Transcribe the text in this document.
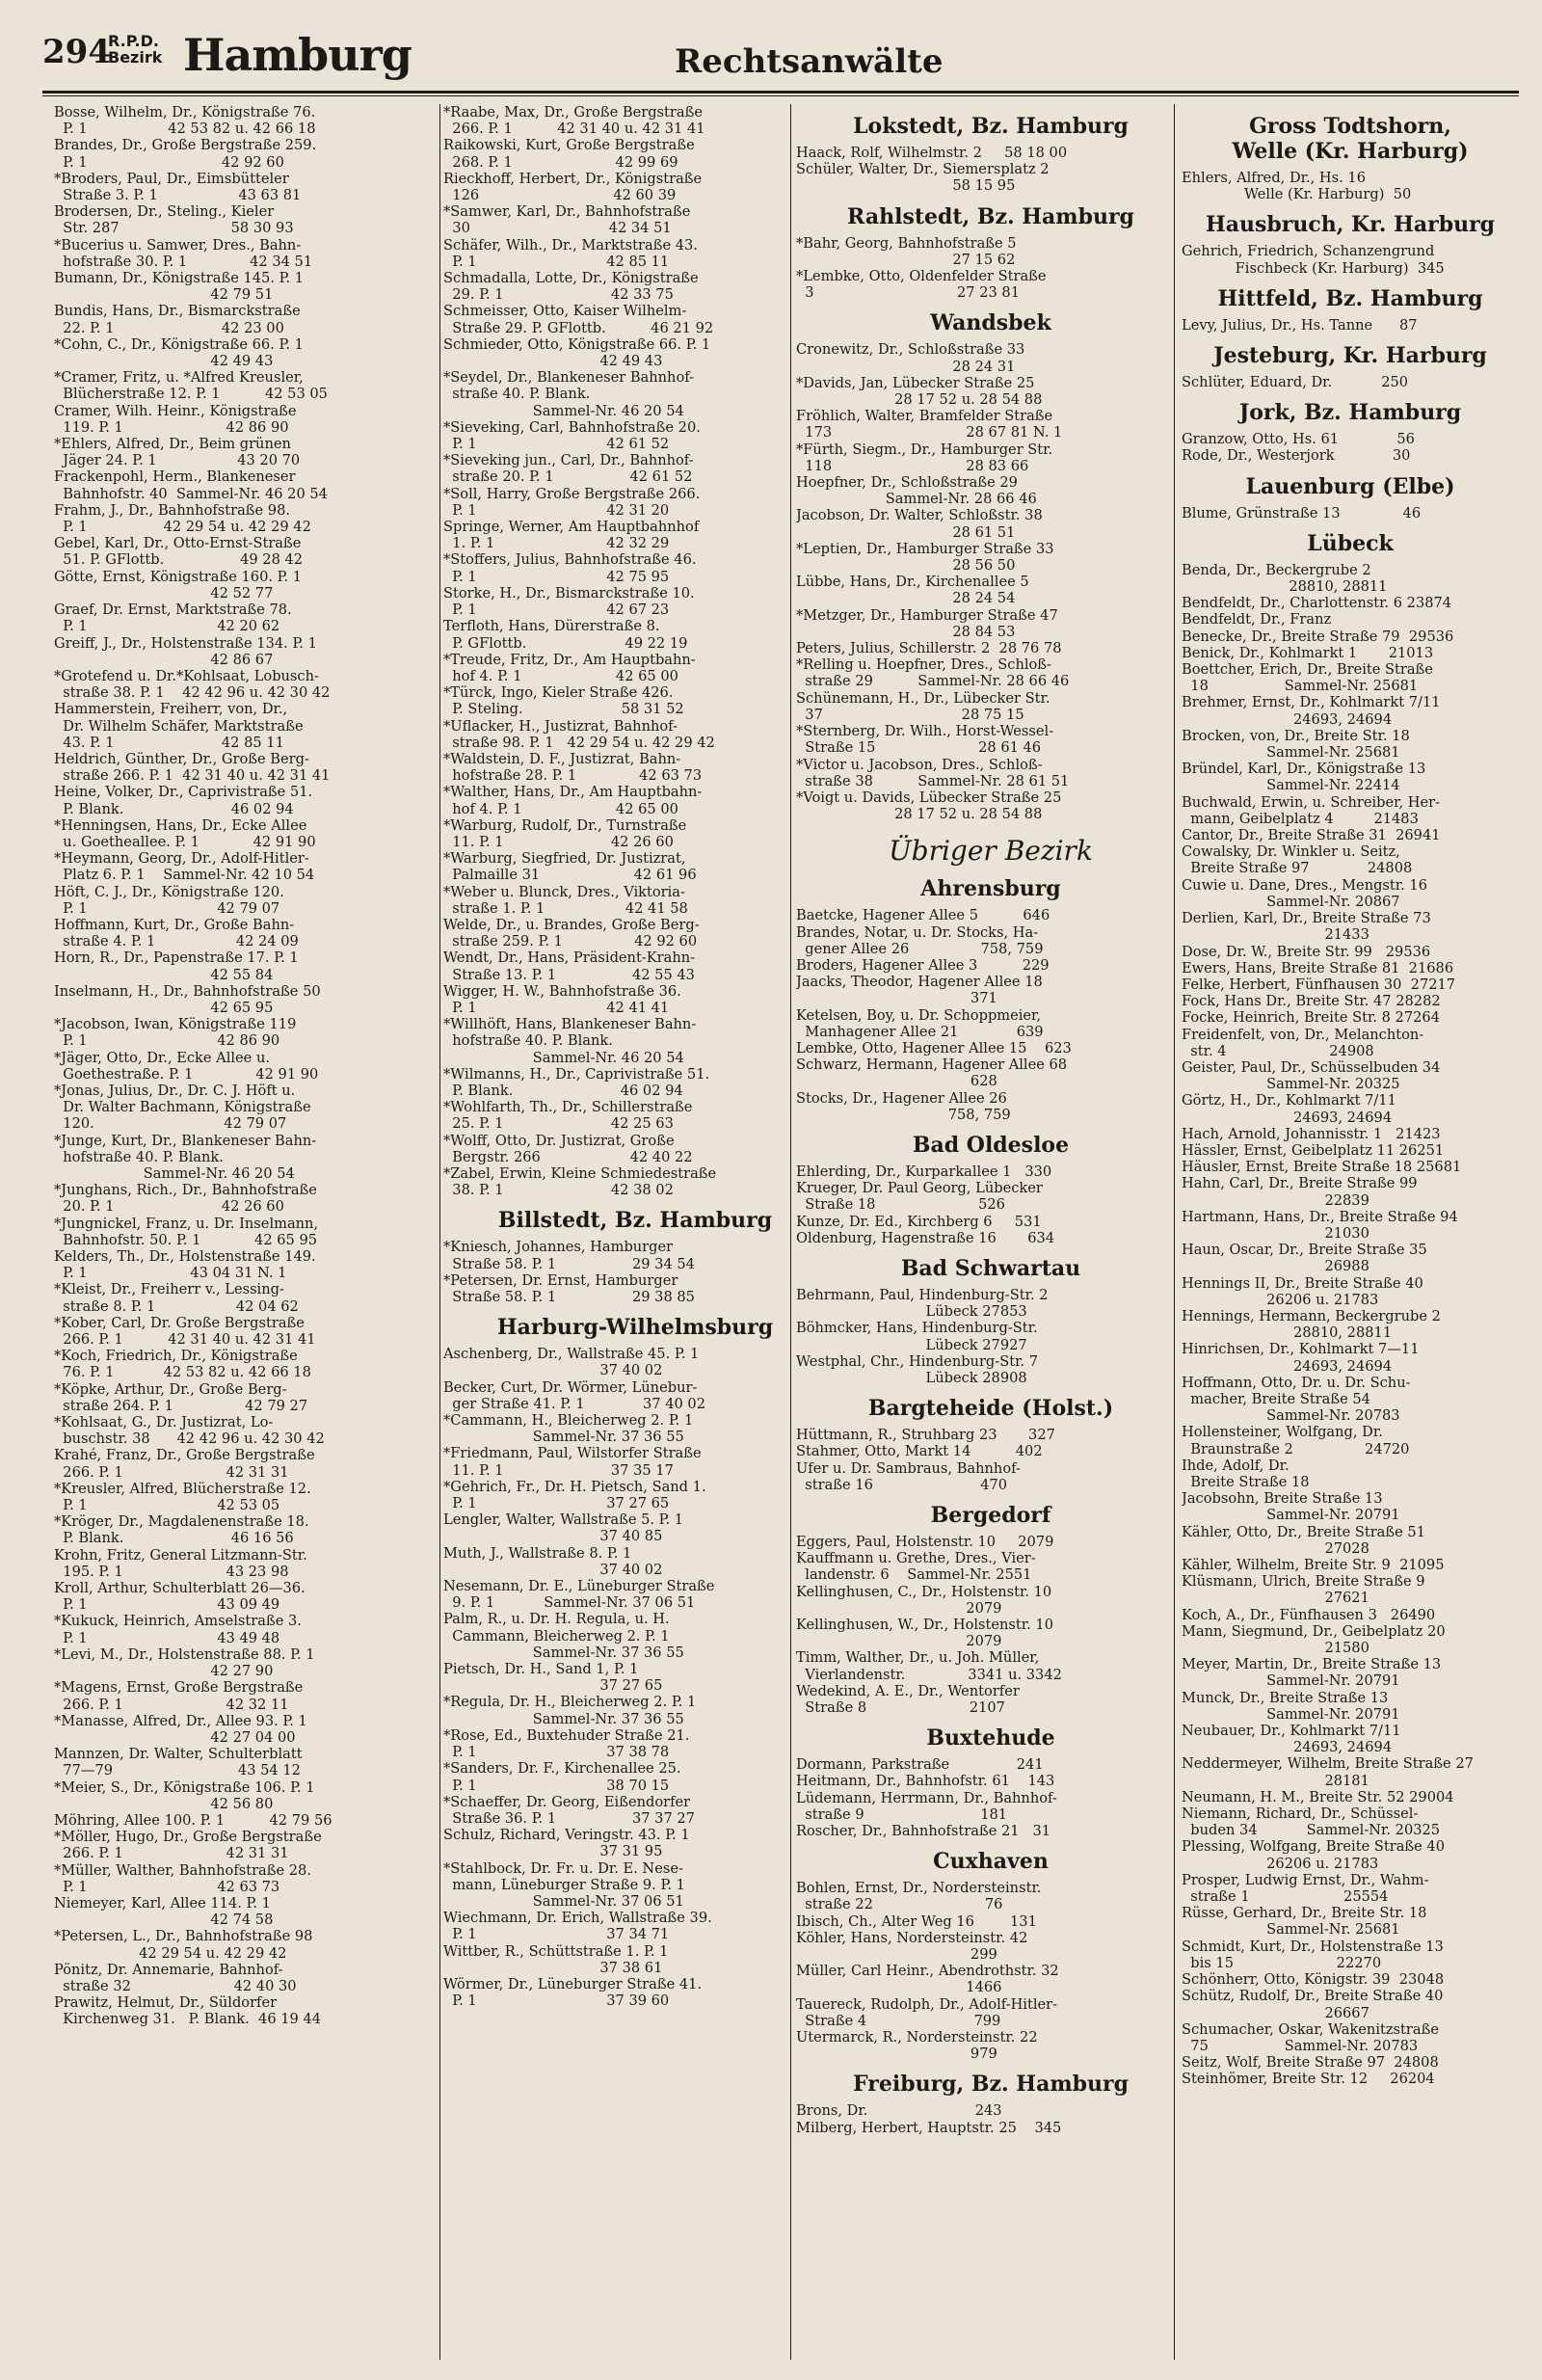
294
R.P.D.
Bezirk Hamburg	Rechtsanwälte
Bosse, Wilhelm, Dr., Königstraße 76.
P. 1                  42 53 82 u. 42 66 18
Brandes, Dr., Große Bergstraße 259.
P. 1                              42 92 60
*Broders, Paul, Dr., Eimsbütteler
Straße 3. P. 1                  43 63 81
Brodersen, Dr., Steling., Kieler
Str. 287                         58 30 93
*Bucerius u. Samwer, Dres., Bahn-
hofstraße 30. P. 1              42 34 51
Bumann, Dr., Königstraße 145. P. 1
42 79 51
Bundis, Hans, Dr., Bismarckstraße
22. P. 1                        42 23 00
*Cohn, C., Dr., Königstraße 66. P. 1
42 49 43
*Cramer, Fritz, u. *Alfred Kreusler,
Blücherstraße 12. P. 1          42 53 05
Cramer, Wilh. Heinr., Königstraße
119. P. 1                       42 86 90
*Ehlers, Alfred, Dr., Beim grünen
Jäger 24. P. 1                  43 20 70
Frackenpohl, Herm., Blankeneser
Bahnhofstr. 40  Sammel-Nr. 46 20 54
Frahm, J., Dr., Bahnhofstraße 98.
P. 1                 42 29 54 u. 42 29 42
Gebel, Karl, Dr., Otto-Ernst-Straße
51. P. GFlottb.                 49 28 42
Götte, Ernst, Königstraße 160. P. 1
42 52 77
Graef, Dr. Ernst, Marktstraße 78.
P. 1                             42 20 62
Greiff, J., Dr., Holstenstraße 134. P. 1
42 86 67
*Grotefend u. Dr.*Kohlsaat, Lobusch-
straße 38. P. 1    42 42 96 u. 42 30 42
Hammerstein, Freiherr, von, Dr.,
Dr. Wilhelm Schäfer, Marktstraße
43. P. 1                        42 85 11
Heldrich, Günther, Dr., Große Berg-
straße 266. P. 1  42 31 40 u. 42 31 41
Heine, Volker, Dr., Caprivistraße 51.
P. Blank.                        46 02 94
*Henningsen, Hans, Dr., Ecke Allee
u. Goetheallee. P. 1            42 91 90
*Heymann, Georg, Dr., Adolf-Hitler-
Platz 6. P. 1    Sammel-Nr. 42 10 54
Höft, C. J., Dr., Königstraße 120.
P. 1                             42 79 07
Hoffmann, Kurt, Dr., Große Bahn-
straße 4. P. 1                  42 24 09
Horn, R., Dr., Papenstraße 17. P. 1
42 55 84
Inselmann, H., Dr., Bahnhofstraße 50
42 65 95
*Jacobson, Iwan, Königstraße 119
P. 1                             42 86 90
*Jäger, Otto, Dr., Ecke Allee u.
Goethestraße. P. 1              42 91 90
*Jonas, Julius, Dr., Dr. C. J. Höft u.
Dr. Walter Bachmann, Königstraße
120.                             42 79 07
*Junge, Kurt, Dr., Blankeneser Bahn-
hofstraße 40. P. Blank.
Sammel-Nr. 46 20 54
*Junghans, Rich., Dr., Bahnhofstraße
20. P. 1                        42 26 60
*Jungnickel, Franz, u. Dr. Inselmann,
Bahnhofstr. 50. P. 1            42 65 95
Kelders, Th., Dr., Holstenstraße 149.
P. 1                       43 04 31 N. 1
*Kleist, Dr., Freiherr v., Lessing-
straße 8. P. 1                  42 04 62
*Kober, Carl, Dr. Große Bergstraße
266. P. 1          42 31 40 u. 42 31 41
*Koch, Friedrich, Dr., Königstraße
76. P. 1           42 53 82 u. 42 66 18
*Köpke, Arthur, Dr., Große Berg-
straße 264. P. 1                42 79 27
*Kohlsaat, G., Dr. Justizrat, Lo-
buschstr. 38      42 42 96 u. 42 30 42
Krahé, Franz, Dr., Große Bergstraße
266. P. 1                       42 31 31
*Kreusler, Alfred, Blücherstraße 12.
P. 1                             42 53 05
*Kröger, Dr., Magdalenenstraße 18.
P. Blank.                        46 16 56
Krohn, Fritz, General Litzmann-Str.
195. P. 1                       43 23 98
Kroll, Arthur, Schulterblatt 26—36.
P. 1                             43 09 49
*Kukuck, Heinrich, Amselstraße 3.
P. 1                             43 49 48
*Levi, M., Dr., Holstenstraße 88. P. 1
42 27 90
*Magens, Ernst, Große Bergstraße
266. P. 1                       42 32 11
*Manasse, Alfred, Dr., Allee 93. P. 1
42 27 04 00
Mannzen, Dr. Walter, Schulterblatt
77—79                            43 54 12
*Meier, S., Dr., Königstraße 106. P. 1
42 56 80
Möhring, Allee 100. P. 1          42 79 56
*Möller, Hugo, Dr., Große Bergstraße
266. P. 1                       42 31 31
*Müller, Walther, Bahnhofstraße 28.
P. 1                             42 63 73
Niemeyer, Karl, Allee 114. P. 1
42 74 58
*Petersen, L., Dr., Bahnhofstraße 98
42 29 54 u. 42 29 42
Pönitz, Dr. Annemarie, Bahnhof-
straße 32                       42 40 30
Prawitz, Helmut, Dr., Süldorfer
Kirchenweg 31.   P. Blank.  46 19 44
*Raabe, Max, Dr., Große Bergstraße
266. P. 1          42 31 40 u. 42 31 41
Raikowski, Kurt, Große Bergstraße
268. P. 1                       42 99 69
Rieckhoff, Herbert, Dr., Königstraße
126                              42 60 39
*Samwer, Karl, Dr., Bahnhofstraße
30                               42 34 51
Schäfer, Wilh., Dr., Marktstraße 43.
P. 1                             42 85 11
Schmadalla, Lotte, Dr., Königstraße
29. P. 1                        42 33 75
Schmeisser, Otto, Kaiser Wilhelm-
Straße 29. P. GFlottb.          46 21 92
Schmieder, Otto, Königstraße 66. P. 1
42 49 43
*Seydel, Dr., Blankeneser Bahnhof-
straße 40. P. Blank.
Sammel-Nr. 46 20 54
*Sieveking, Carl, Bahnhofstraße 20.
P. 1                             42 61 52
*Sieveking jun., Carl, Dr., Bahnhof-
straße 20. P. 1                 42 61 52
*Soll, Harry, Große Bergstraße 266.
P. 1                             42 31 20
Springe, Werner, Am Hauptbahnhof
1. P. 1                         42 32 29
*Stoffers, Julius, Bahnhofstraße 46.
P. 1                             42 75 95
Storke, H., Dr., Bismarckstraße 10.
P. 1                             42 67 23
Terfloth, Hans, Dürerstraße 8.
P. GFlottb.                      49 22 19
*Treude, Fritz, Dr., Am Hauptbahn-
hof 4. P. 1                     42 65 00
*Türck, Ingo, Kieler Straße 426.
P. Steling.                      58 31 52
*Uflacker, H., Justizrat, Bahnhof-
straße 98. P. 1   42 29 54 u. 42 29 42
*Waldstein, D. F., Justizrat, Bahn-
hofstraße 28. P. 1              42 63 73
*Walther, Hans, Dr., Am Hauptbahn-
hof 4. P. 1                     42 65 00
*Warburg, Rudolf, Dr., Turnstraße
11. P. 1                        42 26 60
*Warburg, Siegfried, Dr. Justizrat,
Palmaille 31                     42 61 96
*Weber u. Blunck, Dres., Viktoria-
straße 1. P. 1                  42 41 58
Welde, Dr., u. Brandes, Große Berg-
straße 259. P. 1                42 92 60
Wendt, Dr., Hans, Präsident-Krahn-
Straße 13. P. 1                 42 55 43
Wigger, H. W., Bahnhofstraße 36.
P. 1                             42 41 41
*Willhöft, Hans, Blankeneser Bahn-
hofstraße 40. P. Blank.
Sammel-Nr. 46 20 54
*Wilmanns, H., Dr., Caprivistraße 51.
P. Blank.                        46 02 94
*Wohlfarth, Th., Dr., Schillerstraße
25. P. 1                        42 25 63
*Wolff, Otto, Dr. Justizrat, Große
Bergstr. 266                    42 40 22
*Zabel, Erwin, Kleine Schmiedestraße
38. P. 1                        42 38 02
Billstedt, Bz. Hamburg
*Kniesch, Johannes, Hamburger
Straße 58. P. 1                 29 34 54
*Petersen, Dr. Ernst, Hamburger
Straße 58. P. 1                 29 38 85
Harburg-Wilhelmsburg
Aschenberg, Dr., Wallstraße 45. P. 1
37 40 02
Becker, Curt, Dr. Wörmer, Lünebur-
ger Straße 41. P. 1             37 40 02
*Cammann, H., Bleicherweg 2. P. 1
Sammel-Nr. 37 36 55
*Friedmann, Paul, Wilstorfer Straße
11. P. 1                        37 35 17
*Gehrich, Fr., Dr. H. Pietsch, Sand 1.
P. 1                             37 27 65
Lengler, Walter, Wallstraße 5. P. 1
37 40 85
Muth, J., Wallstraße 8. P. 1
37 40 02
Nesemann, Dr. E., Lüneburger Straße
9. P. 1           Sammel-Nr. 37 06 51
Palm, R., u. Dr. H. Regula, u. H.
Cammann, Bleicherweg 2. P. 1
Sammel-Nr. 37 36 55
Pietsch, Dr. H., Sand 1, P. 1
37 27 65
*Regula, Dr. H., Bleicherweg 2. P. 1
Sammel-Nr. 37 36 55
*Rose, Ed., Buxtehuder Straße 21.
P. 1                             37 38 78
*Sanders, Dr. F., Kirchenallee 25.
P. 1                             38 70 15
*Schaeffer, Dr. Georg, Eißendorfer
Straße 36. P. 1                 37 37 27
Schulz, Richard, Veringstr. 43. P. 1
37 31 95
*Stahlbock, Dr. Fr. u. Dr. E. Nese-
mann, Lüneburger Straße 9. P. 1
Sammel-Nr. 37 06 51
Wiechmann, Dr. Erich, Wallstraße 39.
P. 1                             37 34 71
Wittber, R., Schüttstraße 1. P. 1
37 38 61
Wörmer, Dr., Lüneburger Straße 41.
P. 1                             37 39 60
Lokstedt, Bz. Hamburg
Haack, Rolf, Wilhelmstr. 2     58 18 00
Schüler, Walter, Dr., Siemersplatz 2
58 15 95
Rahlstedt, Bz. Hamburg
*Bahr, Georg, Bahnhofstraße 5
27 15 62
*Lembke, Otto, Oldenfelder Straße
3                                27 23 81
Wandsbek
Cronewitz, Dr., Schloßstraße 33
28 24 31
*Davids, Jan, Lübecker Straße 25
28 17 52 u. 28 54 88
Fröhlich, Walter, Bramfelder Straße
173                              28 67 81 N. 1
*Fürth, Siegm., Dr., Hamburger Str.
118                              28 83 66
Hoepfner, Dr., Schloßstraße 29
Sammel-Nr. 28 66 46
Jacobson, Dr. Walter, Schloßstr. 38
28 61 51
*Leptien, Dr., Hamburger Straße 33
28 56 50
Lübbe, Hans, Dr., Kirchenallee 5
28 24 54
*Metzger, Dr., Hamburger Straße 47
28 84 53
Peters, Julius, Schillerstr. 2  28 76 78
*Relling u. Hoepfner, Dres., Schloß-
straße 29          Sammel-Nr. 28 66 46
Schünemann, H., Dr., Lübecker Str.
37                               28 75 15
*Sternberg, Dr. Wilh., Horst-Wessel-
Straße 15                       28 61 46
*Victor u. Jacobson, Dres., Schloß-
straße 38          Sammel-Nr. 28 61 51
*Voigt u. Davids, Lübecker Straße 25
28 17 52 u. 28 54 88
Übriger Bezirk
Ahrensburg
Baetcke, Hagener Allee 5          646
Brandes, Notar, u. Dr. Stocks, Ha-
gener Allee 26                758, 759
Broders, Hagener Allee 3          229
Jaacks, Theodor, Hagener Allee 18
371
Ketelsen, Boy, u. Dr. Schoppmeier,
Manhagener Allee 21             639
Lembke, Otto, Hagener Allee 15    623
Schwarz, Hermann, Hagener Allee 68
628
Stocks, Dr., Hagener Allee 26
758, 759
Bad Oldesloe
Ehlerding, Dr., Kurparkallee 1   330
Krueger, Dr. Paul Georg, Lübecker
Straße 18                       526
Kunze, Dr. Ed., Kirchberg 6     531
Oldenburg, Hagenstraße 16       634
Bad Schwartau
Behrmann, Paul, Hindenburg-Str. 2
Lübeck 27853
Böhmcker, Hans, Hindenburg-Str.
Lübeck 27927
Westphal, Chr., Hindenburg-Str. 7
Lübeck 28908
Bargteheide (Holst.)
Hüttmann, R., Struhbarg 23       327
Stahmer, Otto, Markt 14          402
Ufer u. Dr. Sambraus, Bahnhof-
straße 16                        470
Bergedorf
Eggers, Paul, Holstenstr. 10     2079
Kauffmann u. Grethe, Dres., Vier-
landenstr. 6    Sammel-Nr. 2551
Kellinghusen, C., Dr., Holstenstr. 10
2079
Kellinghusen, W., Dr., Holstenstr. 10
2079
Timm, Walther, Dr., u. Joh. Müller,
Vierlandenstr.              3341 u. 3342
Wedekind, A. E., Dr., Wentorfer
Straße 8                       2107
Buxtehude
Dormann, Parkstraße               241
Heitmann, Dr., Bahnhofstr. 61    143
Lüdemann, Herrmann, Dr., Bahnhof-
straße 9                          181
Roscher, Dr., Bahnhofstraße 21   31
Cuxhaven
Bohlen, Ernst, Dr., Nordersteinstr.
straße 22                         76
Ibisch, Ch., Alter Weg 16        131
Köhler, Hans, Nordersteinstr. 42
299
Müller, Carl Heinr., Abendrothstr. 32
1466
Tauereck, Rudolph, Dr., Adolf-Hitler-
Straße 4                        799
Utermarck, R., Nordersteinstr. 22
979
Freiburg, Bz. Hamburg
Brons, Dr.                        243
Milberg, Herbert, Hauptstr. 25    345
Gross Todtshorn,
Welle (Kr. Harburg)
Ehlers, Alfred, Dr., Hs. 16
Welle (Kr. Harburg)  50
Hausbruch, Kr. Harburg
Gehrich, Friedrich, Schanzengrund
Fischbeck (Kr. Harburg)  345
Hittfeld, Bz. Hamburg
Levy, Julius, Dr., Hs. Tanne      87
Jesteburg, Kr. Harburg
Schlüter, Eduard, Dr.           250
Jork, Bz. Hamburg
Granzow, Otto, Hs. 61             56
Rode, Dr., Westerjork             30
Lauenburg (Elbe)
Blume, Grünstraße 13              46
Lübeck
Benda, Dr., Beckergrube 2
28810, 28811
Bendfeldt, Dr., Charlottenstr. 6 23874
Bendfeldt, Dr., Franz
Benecke, Dr., Breite Straße 79  29536
Benick, Dr., Kohlmarkt 1       21013
Boettcher, Erich, Dr., Breite Straße
18                 Sammel-Nr. 25681
Brehmer, Ernst, Dr., Kohlmarkt 7/11
24693, 24694
Brocken, von, Dr., Breite Str. 18
Sammel-Nr. 25681
Bründel, Karl, Dr., Königstraße 13
Sammel-Nr. 22414
Buchwald, Erwin, u. Schreiber, Her-
mann, Geibelplatz 4         21483
Cantor, Dr., Breite Straße 31  26941
Cowalsky, Dr. Winkler u. Seitz,
Breite Straße 97             24808
Cuwie u. Dane, Dres., Mengstr. 16
Sammel-Nr. 20867
Derlien, Karl, Dr., Breite Straße 73
21433
Dose, Dr. W., Breite Str. 99   29536
Ewers, Hans, Breite Straße 81  21686
Felke, Herbert, Fünfhausen 30  27217
Fock, Hans Dr., Breite Str. 47 28282
Focke, Heinrich, Breite Str. 8 27264
Freidenfelt, von, Dr., Melanchton-
str. 4                       24908
Geister, Paul, Dr., Schüsselbuden 34
Sammel-Nr. 20325
Görtz, H., Dr., Kohlmarkt 7/11
24693, 24694
Hach, Arnold, Johannisstr. 1   21423
Hässler, Ernst, Geibelplatz 11 26251
Häusler, Ernst, Breite Straße 18 25681
Hahn, Carl, Dr., Breite Straße 99
22839
Hartmann, Hans, Dr., Breite Straße 94
21030
Haun, Oscar, Dr., Breite Straße 35
26988
Hennings II, Dr., Breite Straße 40
26206 u. 21783
Hennings, Hermann, Beckergrube 2
28810, 28811
Hinrichsen, Dr., Kohlmarkt 7—11
24693, 24694
Hoffmann, Otto, Dr. u. Dr. Schu-
macher, Breite Straße 54
Sammel-Nr. 20783
Hollensteiner, Wolfgang, Dr.
Braunstraße 2                24720
Ihde, Adolf, Dr.
Breite Straße 18
Jacobsohn, Breite Straße 13
Sammel-Nr. 20791
Kähler, Otto, Dr., Breite Straße 51
27028
Kähler, Wilhelm, Breite Str. 9  21095
Klüsmann, Ulrich, Breite Straße 9
27621
Koch, A., Dr., Fünfhausen 3   26490
Mann, Siegmund, Dr., Geibelplatz 20
21580
Meyer, Martin, Dr., Breite Straße 13
Sammel-Nr. 20791
Munck, Dr., Breite Straße 13
Sammel-Nr. 20791
Neubauer, Dr., Kohlmarkt 7/11
24693, 24694
Neddermeyer, Wilhelm, Breite Straße 27
28181
Neumann, H. M., Breite Str. 52 29004
Niemann, Richard, Dr., Schüssel-
buden 34           Sammel-Nr. 20325
Plessing, Wolfgang, Breite Straße 40
26206 u. 21783
Prosper, Ludwig Ernst, Dr., Wahm-
straße 1                     25554
Rüsse, Gerhard, Dr., Breite Str. 18
Sammel-Nr. 25681
Schmidt, Kurt, Dr., Holstenstraße 13
bis 15                       22270
Schönherr, Otto, Königstr. 39  23048
Schütz, Rudolf, Dr., Breite Straße 40
26667
Schumacher, Oskar, Wakenitzstraße
75                 Sammel-Nr. 20783
Seitz, Wolf, Breite Straße 97  24808
Steinhömer, Breite Str. 12     26204
